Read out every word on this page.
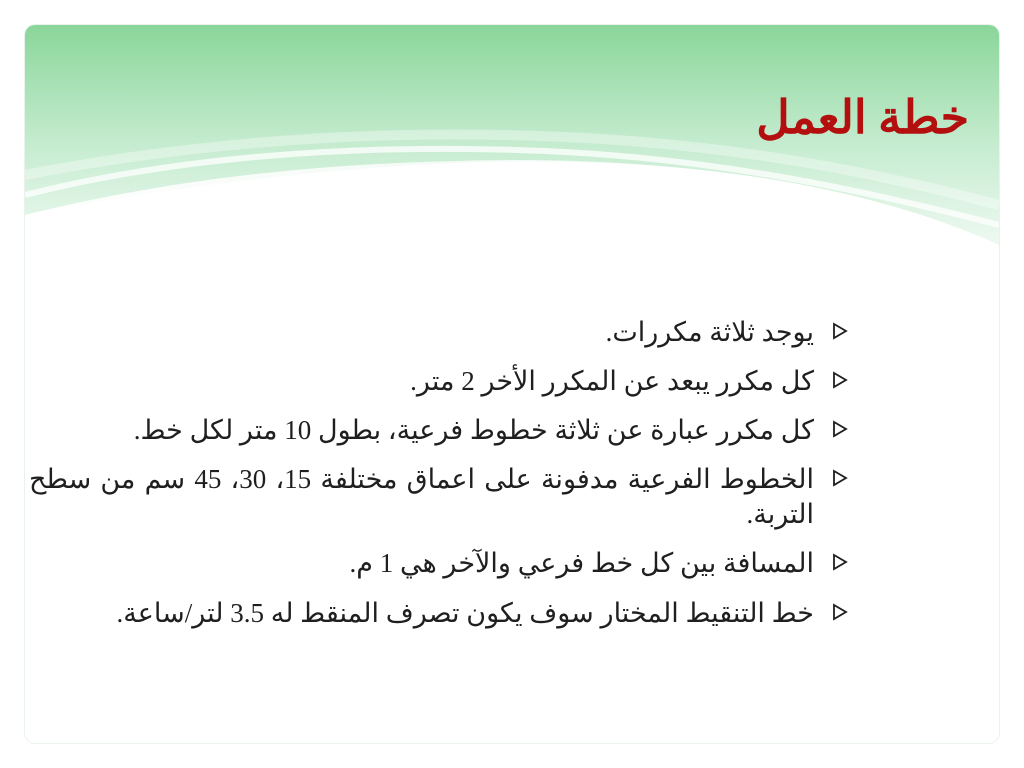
خطة العمل
يوجد ثلاثة مكررات.
كل مكرر يبعد عن المكرر الأخر 2 متر.
كل مكرر عبارة عن ثلاثة خطوط فرعية، بطول 10 متر لكل خط.
الخطوط الفرعية مدفونة على اعماق مختلفة 15، 30، 45 سم من سطح التربة.
المسافة بين كل خط فرعي والآخر هي 1 م.
خط التنقيط المختار سوف يكون تصرف المنقط له 3.5 لتر/ساعة.
